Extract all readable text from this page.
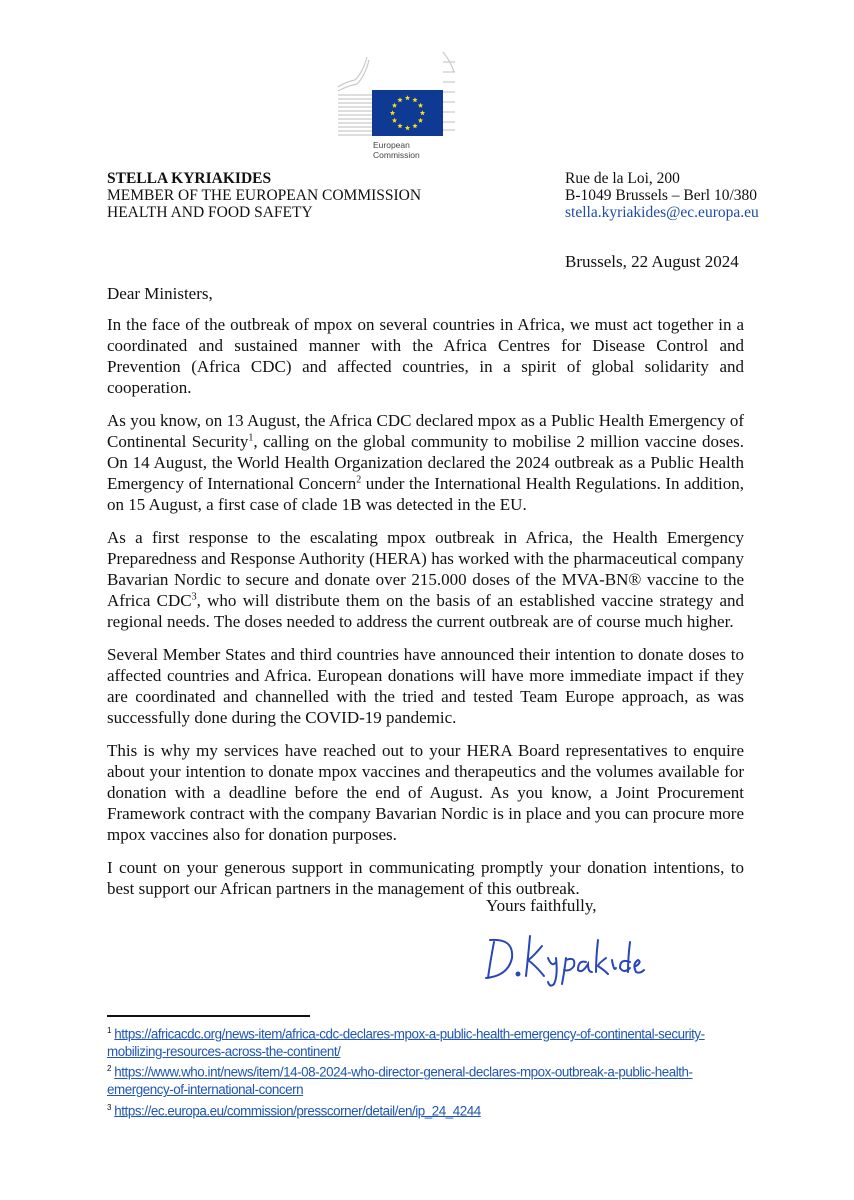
European
Commission
STELLA KYRIAKIDES
MEMBER OF THE EUROPEAN COMMISSION
HEALTH AND FOOD SAFETY
Rue de la Loi, 200
B-1049 Brussels – Berl 10/380
stella.kyriakides@ec.europa.eu
Brussels, 22 August 2024
Dear Ministers,

In the face of the outbreak of mpox on several countries in Africa, we must act together in a coordinated and sustained manner with the Africa Centres for Disease Control and Prevention (Africa CDC) and affected countries, in a spirit of global solidarity and cooperation.

As you know, on 13 August, the Africa CDC declared mpox as a Public Health Emergency of Continental Security$^1$, calling on the global community to mobilise 2 million vaccine doses. On 14 August, the World Health Organization declared the 2024 outbreak as a Public Health Emergency of International Concern$^2$ under the International Health Regulations. In addition, on 15 August, a first case of clade 1B was detected in the EU.

As a first response to the escalating mpox outbreak in Africa, the Health Emergency Preparedness and Response Authority (HERA) has worked with the pharmaceutical company Bavarian Nordic to secure and donate over 215.000 doses of the MVA-BN® vaccine to the Africa CDC$^3$, who will distribute them on the basis of an established vaccine strategy and regional needs. The doses needed to address the current outbreak are of course much higher.

Several Member States and third countries have announced their intention to donate doses to affected countries and Africa. European donations will have more immediate impact if they are coordinated and channelled with the tried and tested Team Europe approach, as was successfully done during the COVID-19 pandemic.

This is why my services have reached out to your HERA Board representatives to enquire about your intention to donate mpox vaccines and therapeutics and the volumes available for donation with a deadline before the end of August. As you know, a Joint Procurement Framework contract with the company Bavarian Nordic is in place and you can procure more mpox vaccines also for donation purposes.

I count on your generous support in communicating promptly your donation intentions, to best support our African partners in the management of this outbreak.

Yours faithfully,

$^1$ https://africacdc.org/news-item/africa-cdc-declares-mpox-a-public-health-emergency-of-continental-security-mobilizing-resources-across-the-continent/

$^2$ https://www.who.int/news/item/14-08-2024-who-director-general-declares-mpox-outbreak-a-public-health-emergency-of-international-concern

$^3$ https://ec.europa.eu/commission/presscorner/detail/en/ip_24_4244
